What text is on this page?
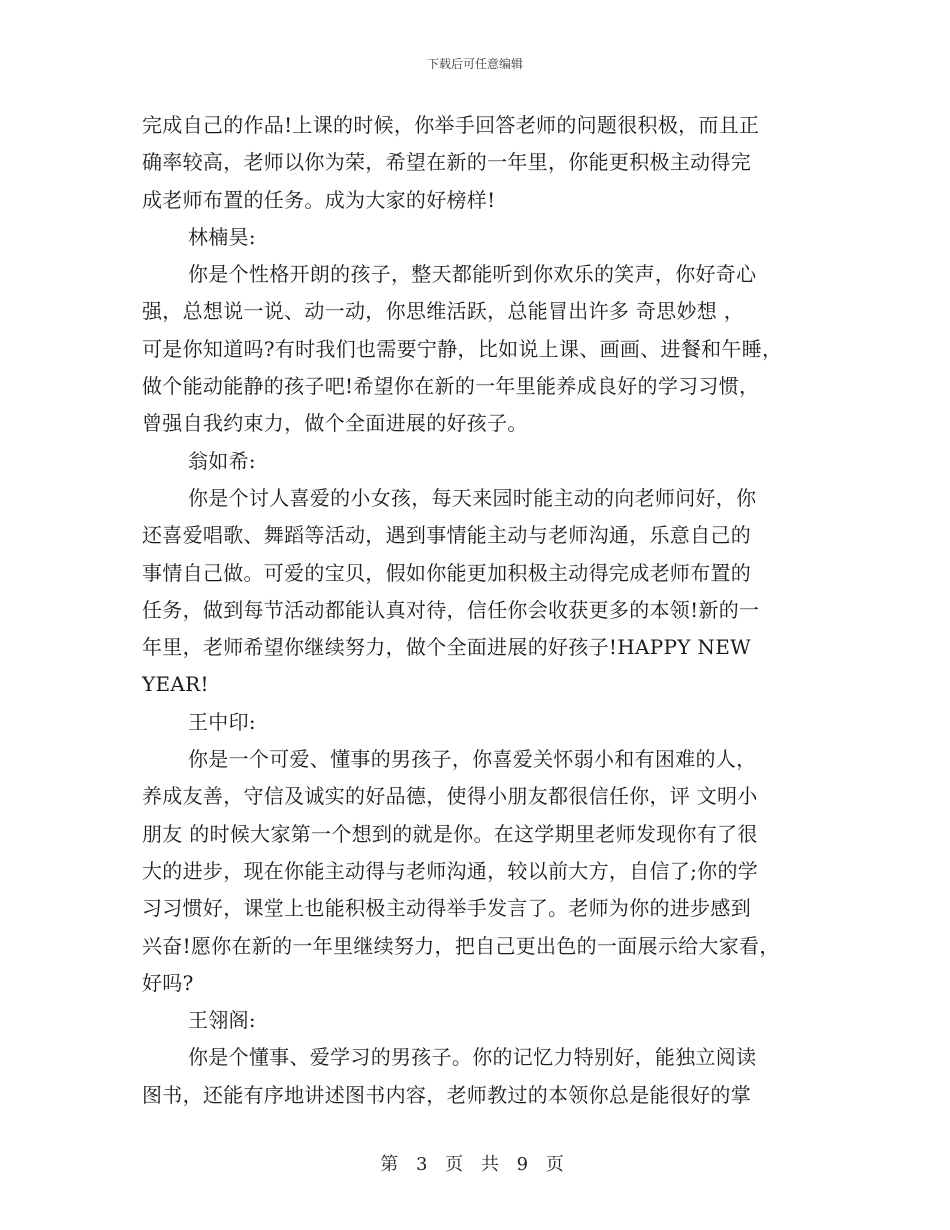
下载后可任意编辑
完成自己的作品!上课的时候，你举手回答老师的问题很积极，而且正
确率较高，老师以你为荣，希望在新的一年里，你能更积极主动得完
成老师布置的任务。成为大家的好榜样!
林楠昊:
你是个性格开朗的孩子，整天都能听到你欢乐的笑声，你好奇心
强，总想说一说、动一动，你思维活跃，总能冒出许多 奇思妙想 ，
可是你知道吗?有时我们也需要宁静，比如说上课、画画、进餐和午睡，
做个能动能静的孩子吧!希望你在新的一年里能养成良好的学习习惯，
曾强自我约束力，做个全面进展的好孩子。
翁如希:
你是个讨人喜爱的小女孩，每天来园时能主动的向老师问好，你
还喜爱唱歌、舞蹈等活动，遇到事情能主动与老师沟通，乐意自己的
事情自己做。可爱的宝贝，假如你能更加积极主动得完成老师布置的
任务，做到每节活动都能认真对待，信任你会收获更多的本领!新的一
年里，老师希望你继续努力，做个全面进展的好孩子!HAPPY NEW
YEAR!
王中印:
你是一个可爱、懂事的男孩子，你喜爱关怀弱小和有困难的人，
养成友善，守信及诚实的好品德，使得小朋友都很信任你，评 文明小
朋友 的时候大家第一个想到的就是你。在这学期里老师发现你有了很
大的进步，现在你能主动得与老师沟通，较以前大方，自信了;你的学
习习惯好，课堂上也能积极主动得举手发言了。老师为你的进步感到
兴奋!愿你在新的一年里继续努力，把自己更出色的一面展示给大家看，
好吗?
王翎阁:
你是个懂事、爱学习的男孩子。你的记忆力特别好，能独立阅读
图书，还能有序地讲述图书内容，老师教过的本领你总是能很好的掌
第 3 页 共 9 页
